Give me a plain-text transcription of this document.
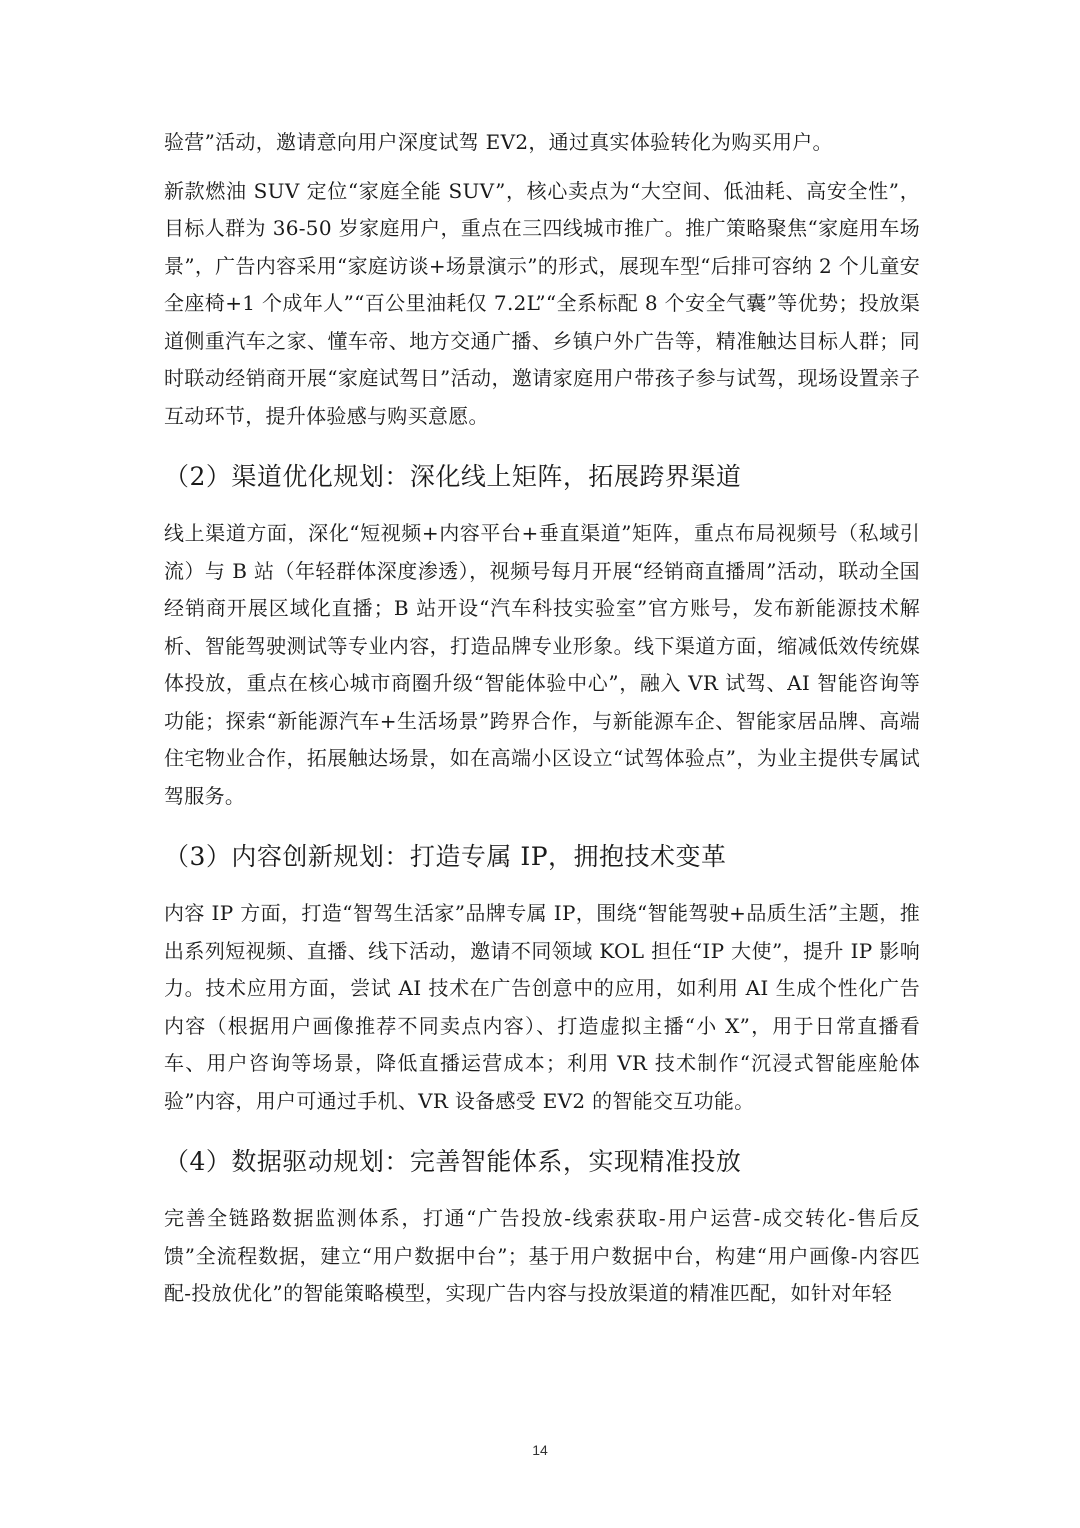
验营”活动，邀请意向用户深度试驾 EV2，通过真实体验转化为购买用户。

新款燃油 SUV 定位“家庭全能 SUV”，核心卖点为“大空间、低油耗、高安全性”，目标人群为 36-50 岁家庭用户，重点在三四线城市推广。推广策略聚焦“家庭用车场景”，广告内容采用“家庭访谈+场景演示”的形式，展现车型“后排可容纳 2 个儿童安全座椅+1 个成年人”“百公里油耗仅 7.2L”“全系标配 8 个安全气囊”等优势；投放渠道侧重汽车之家、懂车帝、地方交通广播、乡镇户外广告等，精准触达目标人群；同时联动经销商开展“家庭试驾日”活动，邀请家庭用户带孩子参与试驾，现场设置亲子互动环节，提升体验感与购买意愿。

（2）渠道优化规划：深化线上矩阵，拓展跨界渠道

线上渠道方面，深化“短视频+内容平台+垂直渠道”矩阵，重点布局视频号（私域引流）与 B 站（年轻群体深度渗透），视频号每月开展“经销商直播周”活动，联动全国经销商开展区域化直播；B 站开设“汽车科技实验室”官方账号，发布新能源技术解析、智能驾驶测试等专业内容，打造品牌专业形象。线下渠道方面，缩减低效传统媒体投放，重点在核心城市商圈升级“智能体验中心”，融入 VR 试驾、AI 智能咨询等功能；探索“新能源汽车+生活场景”跨界合作，与新能源车企、智能家居品牌、高端住宅物业合作，拓展触达场景，如在高端小区设立“试驾体验点”，为业主提供专属试驾服务。

（3）内容创新规划：打造专属 IP，拥抱技术变革

内容 IP 方面，打造“智驾生活家”品牌专属 IP，围绕“智能驾驶+品质生活”主题，推出系列短视频、直播、线下活动，邀请不同领域 KOL 担任“IP 大使”，提升 IP 影响力。技术应用方面，尝试 AI 技术在广告创意中的应用，如利用 AI 生成个性化广告内容（根据用户画像推荐不同卖点内容）、打造虚拟主播“小 X”，用于日常直播看车、用户咨询等场景，降低直播运营成本；利用 VR 技术制作“沉浸式智能座舱体验”内容，用户可通过手机、VR 设备感受 EV2 的智能交互功能。

（4）数据驱动规划：完善智能体系，实现精准投放

完善全链路数据监测体系，打通“广告投放-线索获取-用户运营-成交转化-售后反馈”全流程数据，建立“用户数据中台”；基于用户数据中台，构建“用户画像-内容匹配-投放优化”的智能策略模型，实现广告内容与投放渠道的精准匹配，如针对年轻

14
